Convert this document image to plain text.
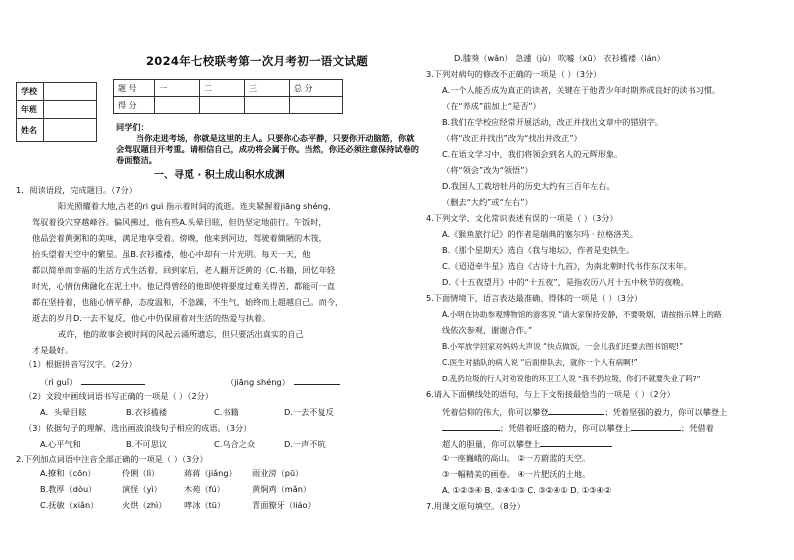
学校	
年班	
姓名	
2024年七校联考第一次月考初一语文试题
题 号	一	二	三	总 分
得 分				
同学们：
当你走进考场，你就是这里的主人。只要你心态平静，只要你开动脑筋，你就
会驾驭题目开考重。请相信自己，成功将会属于你。当然，你还必须注意保持试卷的
卷面整洁。
一、寻觅 · 积土成山积水成渊
1．阅读语段，完成题目。（7分）
阳光照耀着大地,古老的ri guì 指示着时间的流逝。连夹紧握着jiāng shéng,
驾驭着役穴穿越峰谷。偏风拂过，他有些A.头晕目眩，但仍坚定地前行。午饭时，
他品尝着黄粥和的美味，满足地享受着。傍晚，他来到河边，驾驶着簡陋的木筏，
抬头望着天空中的繁星。虽B.衣衫褴褛，他心中却有一片光明。每天一天，他
都以简单而幸福的生活方式生活着，回到家后，老人翻开泛黄的《C.书籍，回忆年轻
时光，心情仿佛融化在泥土中。他记得曾经的他即使将要度过难关得苦，都能可一直
都在坚持着，也能心情平静，态度温和，不急躁，不生气，始终而上超越自己。而今，
逝去的岁月D.一去不复反，他心中仍保留着对生活的热爱与执着。
或许，他的故事会被时间的风起云涌所遗忘，但只要活出真实的自己
才是最好。
（1）根据拼音写汉字。（2分）
（rì guǐ）	（jiāng shéng）
（2）文段中画线词语书写正确的一项是（ ）（2分）
A．头晕目眩	B.衣衫褴褛	C.书籍	D.一去不复反
（3）依据句子的理解，选出画波浪线句子相应的成语。（3分）
A.心平气和	B.不可思议	C.乌合之众	D.一声不吭
2.下列加点词语中注音全部正确的一项是（ ）（3分）
A.撩和（cōn）	伶俐（lì）	蒋蒋（jiǎng） 雨业滂（pū）
B.教厚（dòu）	演怪（yì）	木苑（fú）	黄焖鸡（mǎn）
C.抚敏（xiǎn）	火烘（zhì） 哮冰（tū）	青面獠牙（liáo）
D.膝葵（wǎn） 急遽（jù） 吹嘘（xū） 衣衫褴褛（lán）
3.下列对病句的修改不正确的一项是（ ）（3分）
A.一个人能否成为真正的读者，关键在于他青少年时期养成良好的读书习惯。
（在“养成”前加上“是否”）
B.我们在学校应经常开展活动，改正并找出文章中的错别字。
（将“改正并找出”改为“找出并改正”）
C.在语文学习中，我们将领会到名人的元辉形象。
（将“领会”改为“领悟”）
D.我国人工栽培牡丹的历史大约有三百年左右。
（删去“大约”或“左右”）
4.下列文学、文化常识表述有误的一项是（ ）（3分）
A.《猴鱼旅行记》的作者是瑞典的塞尔玛 · 拉格洛芙。
B.《那个星期天》选自《我与地坛》，作者是史铁生。
C.《迢迢牵牛星》选自《古诗十九首》，为南北朝时代书作东汉末年。
D.《十五夜望月》中的“十五夜”，是指农历八月十五中秋节的夜晚。
5.下面情境下，语言表达最准确、得体的一项是（ ）（3分）
A.小明在协助参观博物馆的游客说 “请大家保持安静，不要吸烟，请按指示牌上的路
线依次参观，谢谢合作。”
B.小军放学回家对妈妈大声说 “快点做饭，一会儿我们还要去图书馆呢!”
C.医生对插队的病人说 “后面排队去，就你一个人有病啊!”
D.乱扔垃圾的行人对劝说他的环卫工人说 “我不扔垃圾，你们不就要失业了吗?”
6.请入下面横线处的语句，与上下文衔接最恰当的一项是（ ）（2分）
凭着信仰的伟大，你可以攀登	；凭着坚强的毅力，你可以攀登上
；凭借着旺盛的精力，你可以攀登上	；凭借着
超人的胆量，你可以攀登上
①一座巍峨的高山。 ②一方蔚蓝的天空。
③一幅精美的画卷。 ④一片肥沃的土地。
A. ①②③④ B. ②④①③ C. ③②④① D. ①③④②
7.用课文原句填空。（8分）
